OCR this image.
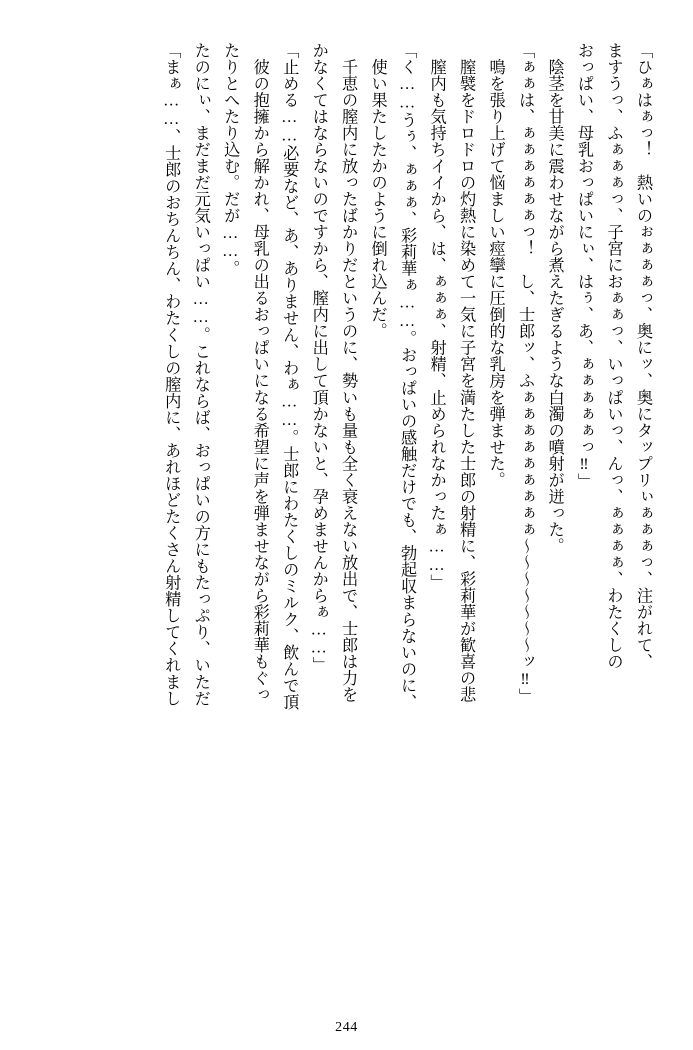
「ひぁはぁっ！　熱いのぉぁぁぁっ、奥にッ、奥にタップリぃぁぁぁっ、注がれて、

ますうっ、ふぁぁぁっ、子宮におぁぁっ、いっぱいっ、んっ、ぁぁぁぁ、わたくしの

おっぱい、母乳おっぱいにぃ、はぅ、あ、ぁぁぁぁぁっ‼」

　陰茎を甘美に震わせながら煮えたぎるような白濁の噴射が迸った。

「ぁぁは、ぁぁぁぁぁぁっ！　し、士郎ッ、ふぁぁぁぁぁぁぁぁぁ～～～～～～～ッ‼」

　鳴を張り上げて悩ましい痙攣に圧倒的な乳房を弾ませた。

　膣襞をドロドロの灼熱に染めて一気に子宮を満たした士郎の射精に、彩莉華が歓喜の悲

　膣内も気持ちイイから、は、ぁぁぁ、射精、止められなかったぁ……」

「く……うぅ、ぁぁぁ、彩莉華ぁ……。おっぱいの感触だけでも、勃起収まらないのに、

　使い果たしたかのように倒れ込んだ。

　千恵の膣内に放ったばかりだというのに、勢いも量も全く衰えない放出で、士郎は力を

かなくてはならないのですから、膣内に出して頂かないと、孕めませんからぁ……」

「止める……必要など、あ、ありません、わぁ……。士郎にわたくしのミルク、飲んで頂

　彼の抱擁から解かれ、母乳の出るおっぱいになる希望に声を弾ませながら彩莉華もぐっ

たりとへたり込む。だが……。

たのにぃ、まだまだ元気いっぱい……。これならば、おっぱいの方にもたっぷり、いただ

「まぁ……、士郎のおちんちん、わたくしの膣内に、あれほどたくさん射精してくれまし

244
